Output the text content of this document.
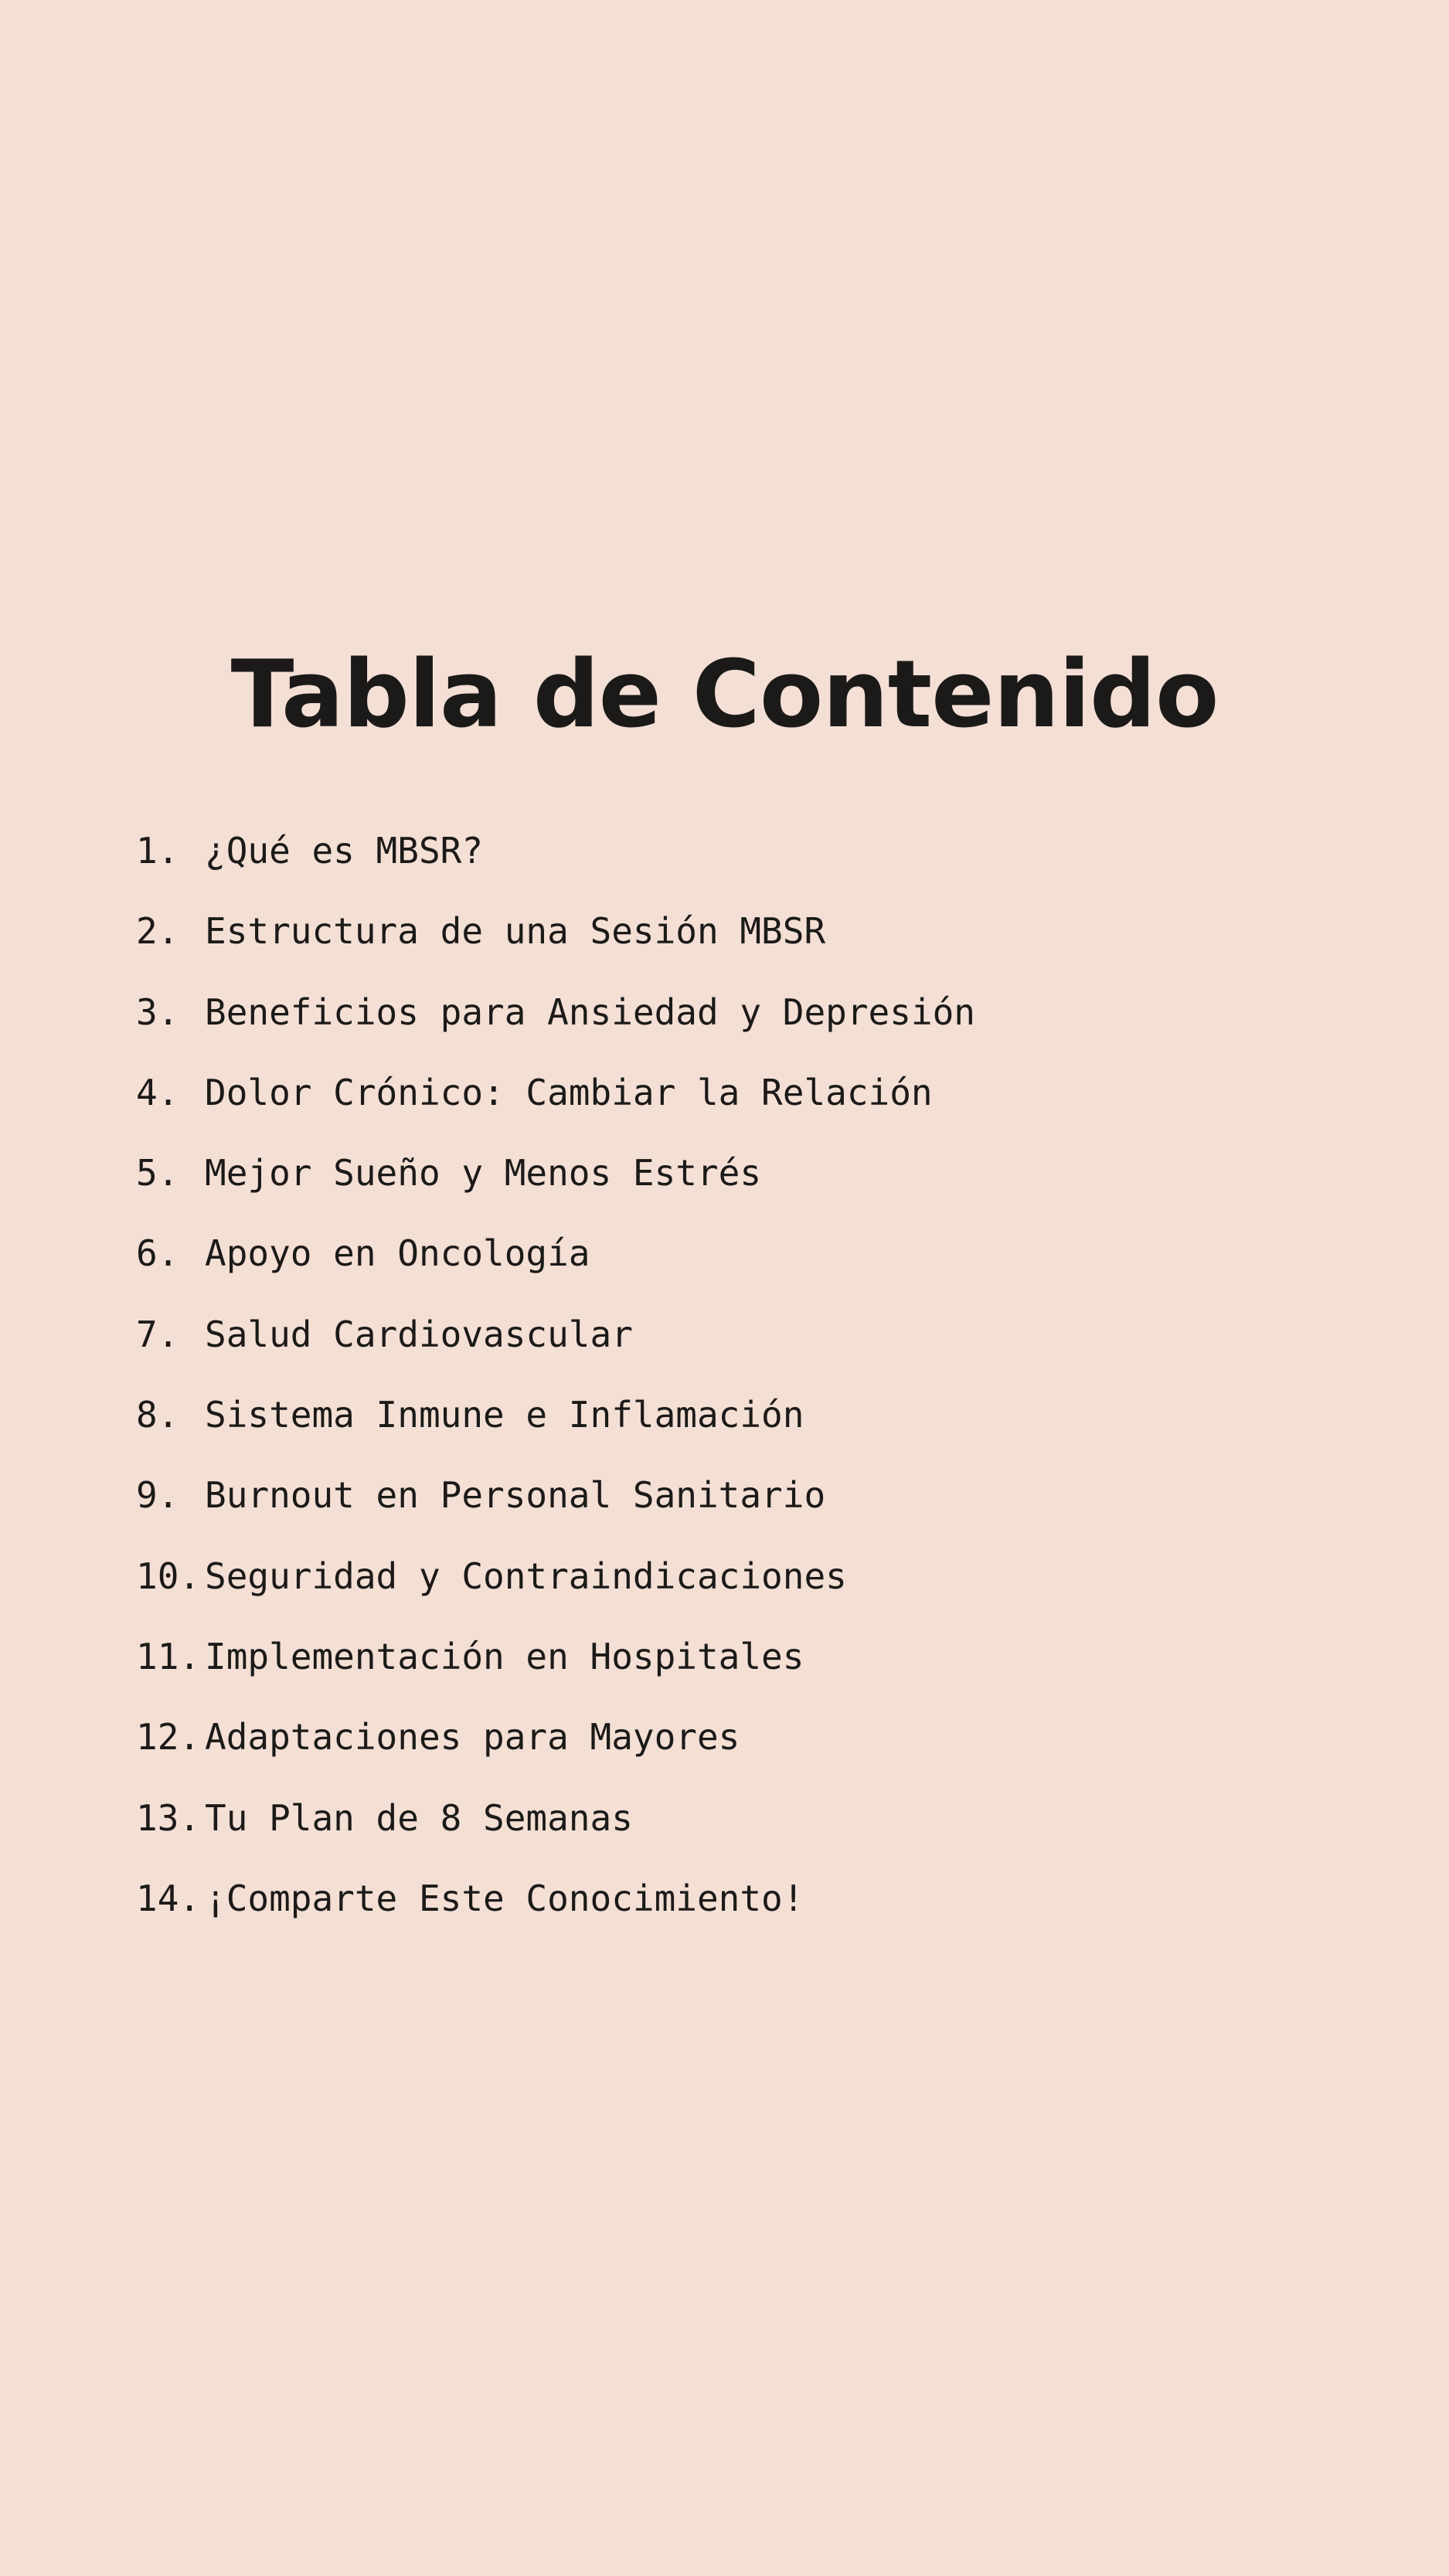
Tabla de Contenido
1. ¿Qué es MBSR?
2. Estructura de una Sesión MBSR
3. Beneficios para Ansiedad y Depresión
4. Dolor Crónico: Cambiar la Relación
5. Mejor Sueño y Menos Estrés
6. Apoyo en Oncología
7. Salud Cardiovascular
8. Sistema Inmune e Inflamación
9. Burnout en Personal Sanitario
10. Seguridad y Contraindicaciones
11. Implementación en Hospitales
12. Adaptaciones para Mayores
13. Tu Plan de 8 Semanas
14. ¡Comparte Este Conocimiento!
